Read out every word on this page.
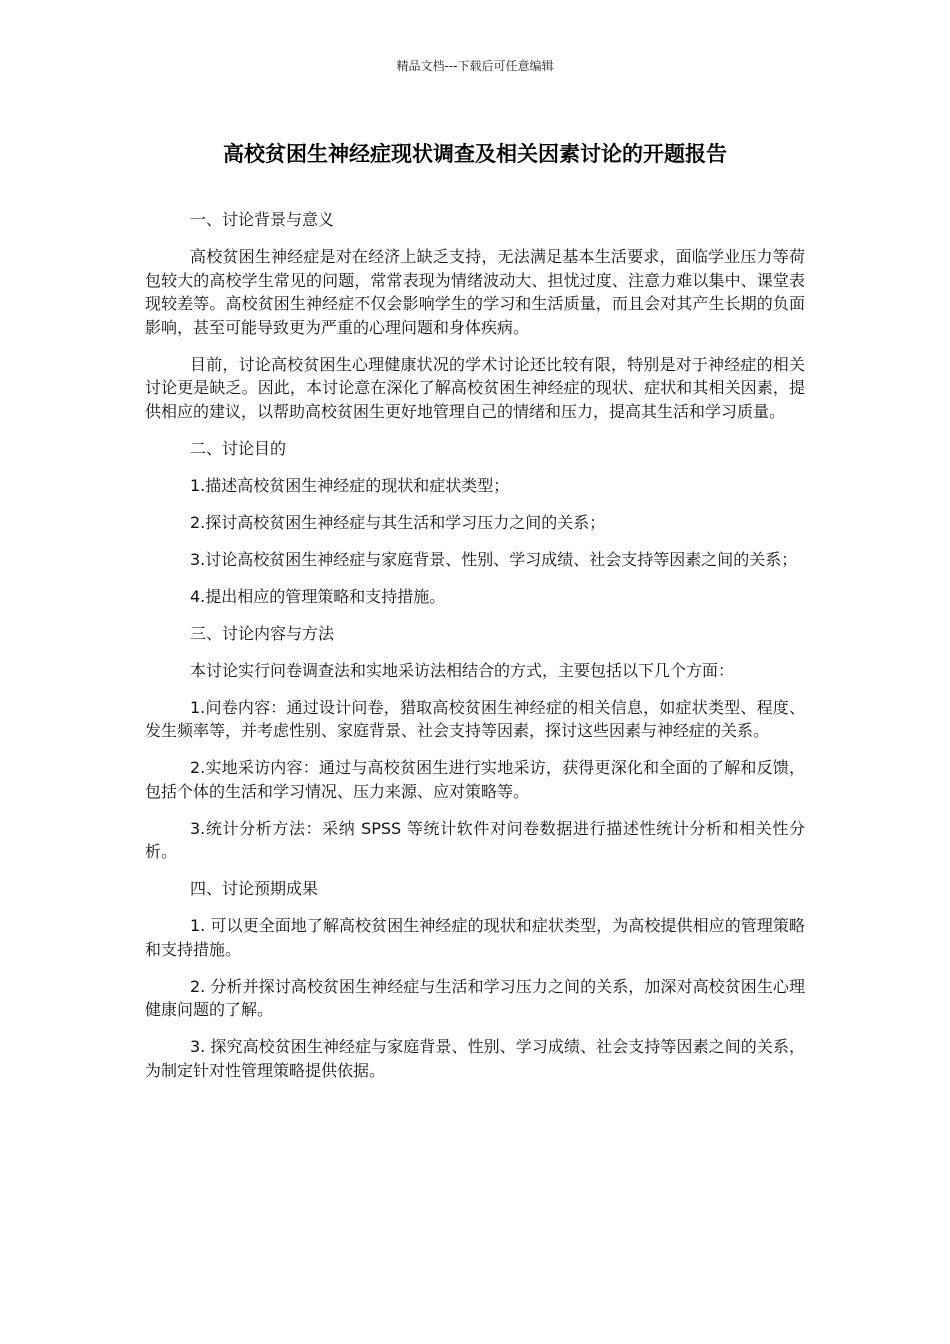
精品文档---下载后可任意编辑
高校贫困生神经症现状调查及相关因素讨论的开题报告

一、讨论背景与意义

高校贫困生神经症是对在经济上缺乏支持，无法满足基本生活要求，面临学业压力等荷包较大的高校学生常见的问题，常常表现为情绪波动大、担忧过度、注意力难以集中、课堂表现较差等。高校贫困生神经症不仅会影响学生的学习和生活质量，而且会对其产生长期的负面影响，甚至可能导致更为严重的心理问题和身体疾病。

目前，讨论高校贫困生心理健康状况的学术讨论还比较有限，特别是对于神经症的相关讨论更是缺乏。因此，本讨论意在深化了解高校贫困生神经症的现状、症状和其相关因素，提供相应的建议，以帮助高校贫困生更好地管理自己的情绪和压力，提高其生活和学习质量。

二、讨论目的

1.描述高校贫困生神经症的现状和症状类型；

2.探讨高校贫困生神经症与其生活和学习压力之间的关系；

3.讨论高校贫困生神经症与家庭背景、性别、学习成绩、社会支持等因素之间的关系；

4.提出相应的管理策略和支持措施。

三、讨论内容与方法

本讨论实行问卷调查法和实地采访法相结合的方式，主要包括以下几个方面：

1.问卷内容：通过设计问卷，猎取高校贫困生神经症的相关信息，如症状类型、程度、发生频率等，并考虑性别、家庭背景、社会支持等因素，探讨这些因素与神经症的关系。

2.实地采访内容：通过与高校贫困生进行实地采访，获得更深化和全面的了解和反馈，包括个体的生活和学习情况、压力来源、应对策略等。

3.统计分析方法：采纳 SPSS 等统计软件对问卷数据进行描述性统计分析和相关性分析。

四、讨论预期成果

1. 可以更全面地了解高校贫困生神经症的现状和症状类型，为高校提供相应的管理策略和支持措施。

2. 分析并探讨高校贫困生神经症与生活和学习压力之间的关系，加深对高校贫困生心理健康问题的了解。

3. 探究高校贫困生神经症与家庭背景、性别、学习成绩、社会支持等因素之间的关系，为制定针对性管理策略提供依据。
